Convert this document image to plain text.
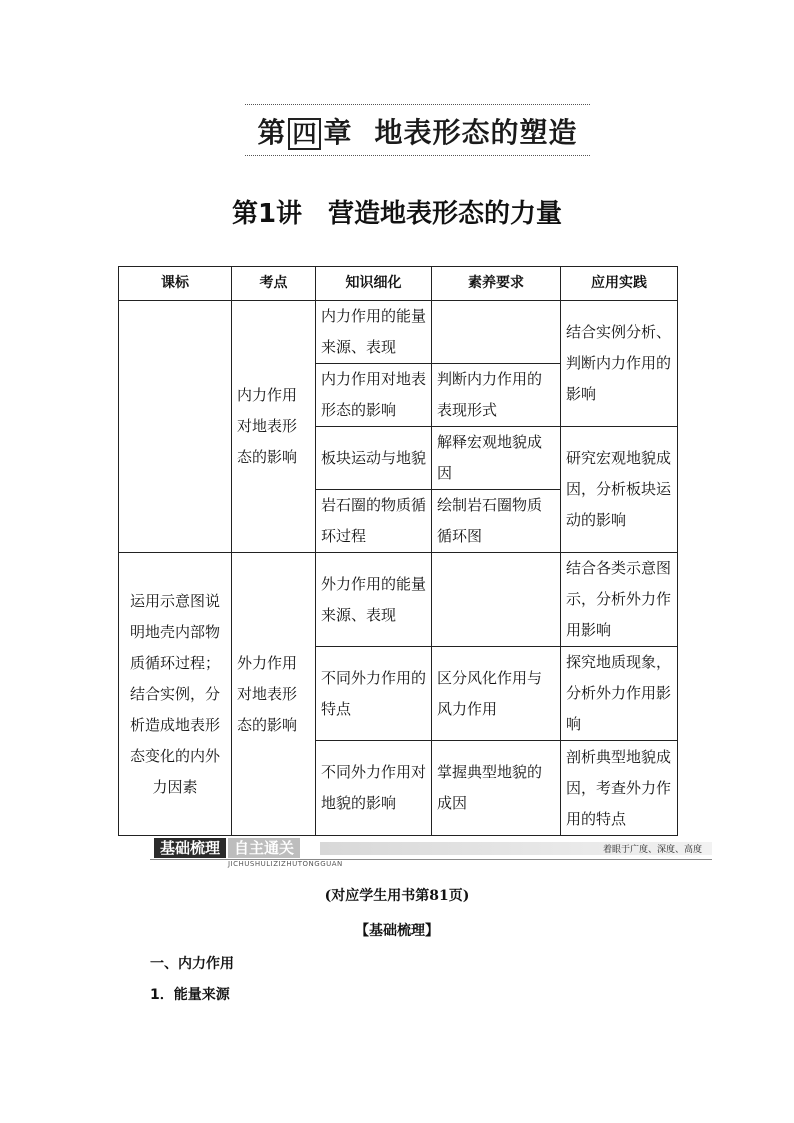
第 四 章 地表形态的塑造
第1讲 营造地表形态的力量
课标	考点	知识细化	素养要求	应用实践
	内力作用对地表形态的影响	内力作用的能量来源、表现		结合实例分析、判断内力作用的影响
		内力作用对地表形态的影响	判断内力作用的表现形式	
		板块运动与地貌	解释宏观地貌成因	研究宏观地貌成因，分析板块运动的影响
		岩石圈的物质循环过程	绘制岩石圈物质循环图	
运用示意图说明地壳内部物质循环过程；结合实例，分析造成地表形态变化的内外力因素	外力作用对地表形态的影响	外力作用的能量来源、表现		结合各类示意图示，分析外力作用影响
		不同外力作用的特点	区分风化作用与风力作用	探究地质现象，分析外力作用影响
		不同外力作用对地貌的影响	掌握典型地貌的成因	剖析典型地貌成因，考查外力作用的特点
基础梳理 自主通关
JICHUSHULIZIZHUTONGGUAN
着眼于广度、深度、高度
(对应学生用书第81页)
【基础梳理】
一、内力作用
1．能量来源
